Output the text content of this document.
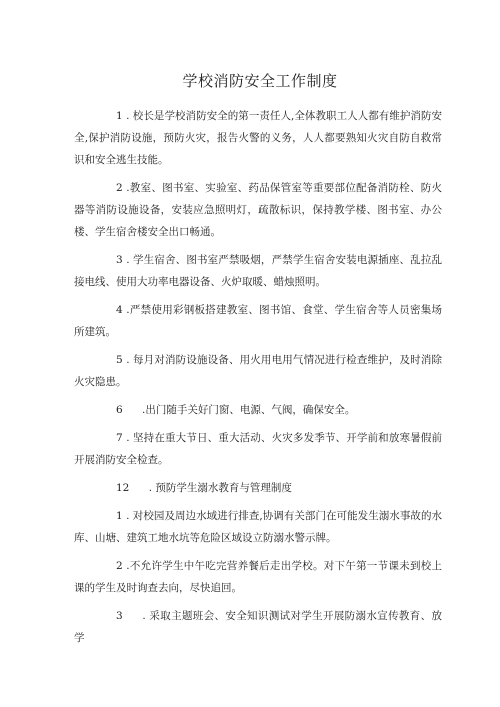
学校消防安全工作制度
1 . 校长是学校消防安全的第一责任人,全体教职工人人都有维护消防安全,保护消防设施，预防火灾，报告火警的义务，人人都要熟知火灾自防自救常识和安全逃生技能。
2 .教室、图书室、实验室、药品保管室等重要部位配备消防栓、防火器等消防设施设备，安装应急照明灯，疏散标识，保持教学楼、图书室、办公楼、学生宿舍楼安全出口畅通。
3 . 学生宿舍、图书室严禁吸烟，严禁学生宿舍安装电源插座、乱拉乱接电线、使用大功率电器设备、火炉取暖、蜡烛照明。
4 .严禁使用彩钢板搭建教室、图书馆、食堂、学生宿舍等人员密集场所建筑。
5 . 每月对消防设施设备、用火用电用气情况进行检查维护，及时消除火灾隐患。
6 .出门随手关好门窗、电源、气阀，确保安全。
7 . 坚持在重大节日、重大活动、火灾多发季节、开学前和放寒暑假前开展消防安全检查。
12 . 预防学生溺水教育与管理制度
1 . 对校园及周边水域进行排查,协调有关部门在可能发生溺水事故的水库、山塘、建筑工地水坑等危险区域设立防溺水警示牌。
2 .不允许学生中午吃完营养餐后走出学校。对下午第一节课未到校上课的学生及时询查去向，尽快追回。
3 . 采取主题班会、安全知识测试对学生开展防溺水宣传教育、放学
